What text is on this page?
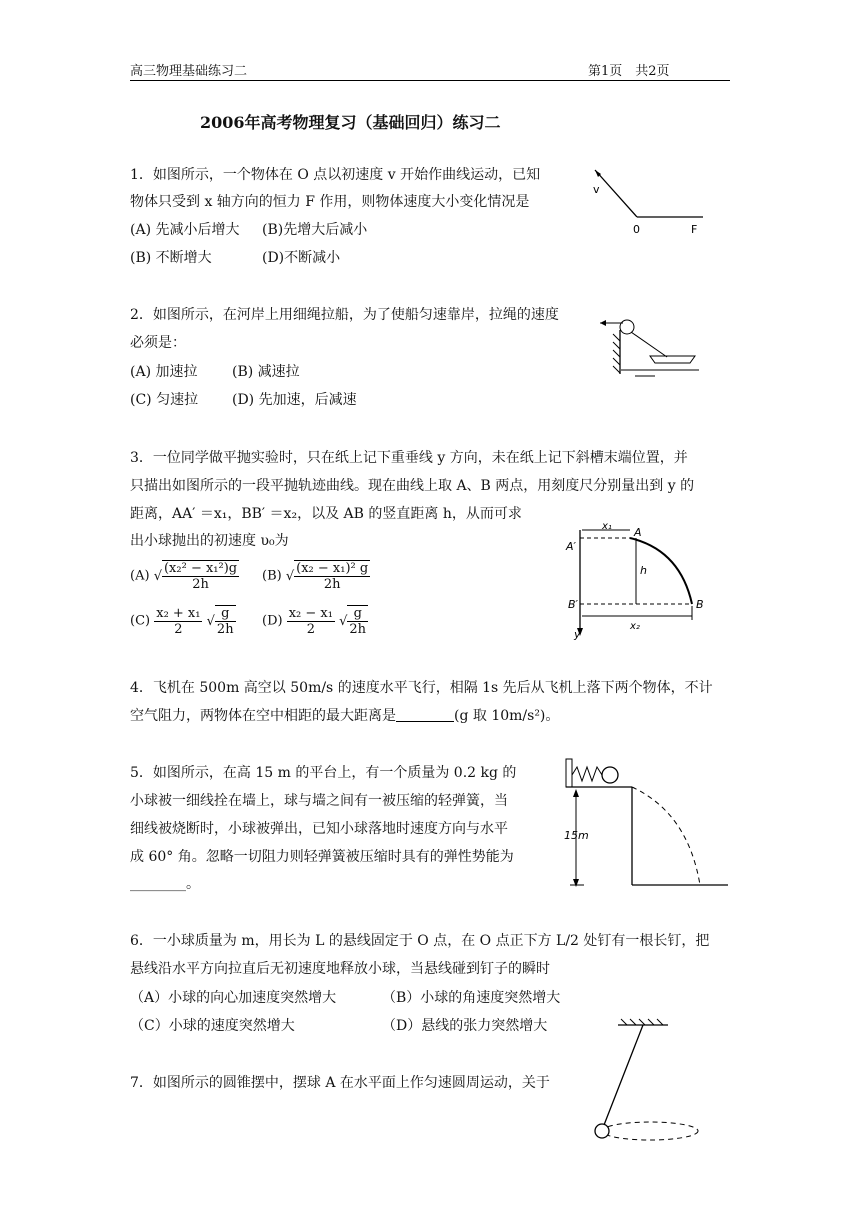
高三物理基础练习二	第1页　共2页
2006年高考物理复习（基础回归）练习二
1．如图所示，一个物体在 O 点以初速度 v 开始作曲线运动，已知
物体只受到 x 轴方向的恒力 F 作用，则物体速度大小变化情况是
(A) 先减小后增大 (B)先增大后减小
(B) 不断增大	(D)不断减小
v
0	F
2．如图所示，在河岸上用细绳拉船，为了使船匀速靠岸，拉绳的速度
必须是：
(A) 加速拉 (B) 减速拉
(C) 匀速拉 (D) 先加速，后减速
3．一位同学做平抛实验时，只在纸上记下重垂线 y 方向，未在纸上记下斜槽末端位置，并
只描出如图所示的一段平抛轨迹曲线。现在曲线上取 A、B 两点，用刻度尺分别量出到 y 的
距离，AA′ ＝x₁，BB′ ＝x₂，以及 AB 的竖直距离 h，从而可求
出小球抛出的初速度 υ₀为
(A) √ $\frac{\text{(x₂² − x₁²)g}}{2h} (B)$ √ $\frac{\text{(x₂ − x₁)² g}}{2h}$
$(C) \frac{\text{x₂ + x₁}}{2}$ √ $\frac{g}{2h} (D) \frac{\text{x₂ − x₁}}{2}$ √ $\frac{g}{2h}$
A′
A
B′	B
x₁
x₂
h
y
4．飞机在 500m 高空以 50m/s 的速度水平飞行，相隔 1s 先后从飞机上落下两个物体，不计
空气阻力，两物体在空中相距的最大距离是	(g 取 10m/s²)。
5．如图所示，在高 15 m 的平台上，有一个质量为 0.2 kg 的
小球被一细线拴在墙上，球与墙之间有一被压缩的轻弹簧，当
细线被烧断时，小球被弹出，已知小球落地时速度方向与水平
成 60° 角。忽略一切阻力则轻弹簧被压缩时具有的弹性势能为
________。
15m
6．一小球质量为 m，用长为 L 的悬线固定于 O 点，在 O 点正下方 L/2 处钉有一根长钉，把
悬线沿水平方向拉直后无初速度地释放小球，当悬线碰到钉子的瞬时
（A）小球的向心加速度突然增大	（B）小球的角速度突然增大
（C）小球的速度突然增大	（D）悬线的张力突然增大
7．如图所示的圆锥摆中，摆球 A 在水平面上作匀速圆周运动，关于
